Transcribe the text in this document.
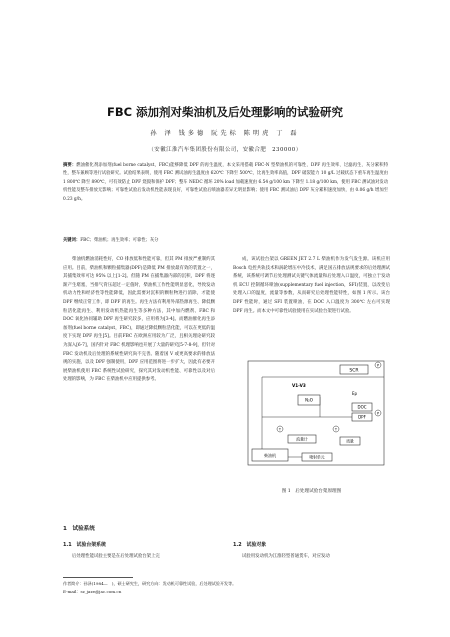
FBC 添加剂对柴油机及后处理影响的试验研究
孙 泽 钱多德 阮先标 陈明虎 丁 磊
（安徽江淮汽车集团股份有限公司，安徽合肥　230000）
摘要：燃油催化剂添加剂(fuel borne catalyst，FBC)能够降低 DPF 的再生温度，本文采用搭载 FBC-N 型柴油机的可靠性、DPF 再生效率、过滤再生、灰分累积特性，整车兼顾等进行试验研究。试验结果表明，使用 FBC 测试油再生温度由 620℃ 下降至 500℃，比再生效率高值，DPF 破裂能力 10 g/L 过载状态下重车再生温度由 1 800℃ 降至 890℃，可有效防止 DPF 烧毁和保护 DPF；整车 NEDC 循环 20% load 加载速度由 6.54 g/100 km 下降至 1.18 g/100 km，使用 FBC 测试油对发动机性能及整车排放无影响；可靠性试验后发动机性能表现良好，可靠性试验后喷油器差异无明显影响；使用 FBC 测试油后 DPF 灰分累积速度加快，由 0.06 g/h 增加至 0.23 g/h。
关键词：FBC；柴油机；再生效率；可靠性；灰分

柴油机燃油消耗性好，CO 排放低和性能可靠，但其 PM 排放严重制约其应用。目前，柴油机和颗粒捕集器(DPF)是降低 PM 排放最有效的装置之一，其捕集效率可达 95% 以上[1-2]。但随 PM 在捕集器内部的沉积，DPF 将逐渐产生堵塞，当排气背压超过一定值时，柴油机工作性能明显恶化，导致发动机动力性和经济性等性能降低，因此需要对沉积的颗粒物进行消除，才能使 DPF 继续正常工作，即 DPF 的再生。再生方法有利用外部热源再生、降低颗粒活化能再生、利用发动机热能再生等多种方法，其中加内燃剂、FBC 和 DOC 氧化协同辅助 DPF 再生研究较多，应用将为[3-4]。而燃油催化再生添加剂(fuel borne catalyst，FBC)，即通过降低颗粒活化能，可以在更低的温度下实现 DPF 再生[5]。目前FBC 在欧洲应用较为广泛，且相关理论研究较为深入[6-7]，国内针对 FBC 机理影响也开展了大量的研究[5-7-8-9]，但针对 FBC 发动机及后处理的系统性研究尚不完善。随着国 V 或更高要求的排放法规的实施，以及 DPF 强制使用，DPF 应用范围将进一步扩大，因此有必要开展柴油机使用 FBC 系统性试验研究，探究其对发动机性能、可靠性以及对后处理的影响，为 FBC 在柴油机中应用提供参考。

1　试验系统
1.1　试验台架系统
后处理性能试验主要是在后处理试验台架上完

成，该试验台架以 GREEN JET 2.7 L 柴油机作为发气发生源。该机应用 Bosch 电控共轨技术和涡轮增压中冷技术，满足国五排放法规要求的后处理测试系统，该系统可调节后处理测试关键气体流量和后处理入口温度，可独立于发动机 ECU 控制循环喷油(supplementary fuel injection，SFI)装置，以改变后处理入口的温度，流量等参数，从而研究后处理性能特性，如图 1 所示。该台 DPF 性能时，通过 SFI 装置喷油，在 DOC 入口温度为 300℃ 左右可实现 DPF 再生。而本文中可靠性试验使用在实试验台架进行试验。

SCR
P
V1-V3
N₂O
Ep
DOC
DPF
P
T	T
流量计	质量
柴油机	喷射单元
图 1　后处理试验台架原理图
1.2　试验对象
试验用发动机为江淮轻型普通货车，对应发动
作者简介：孙泽(1984—　)，硕士研究生，研究方向：发动机可靠性试验，后处理试验开发等。
E-mail：sz_jaze@jac.com.cn
